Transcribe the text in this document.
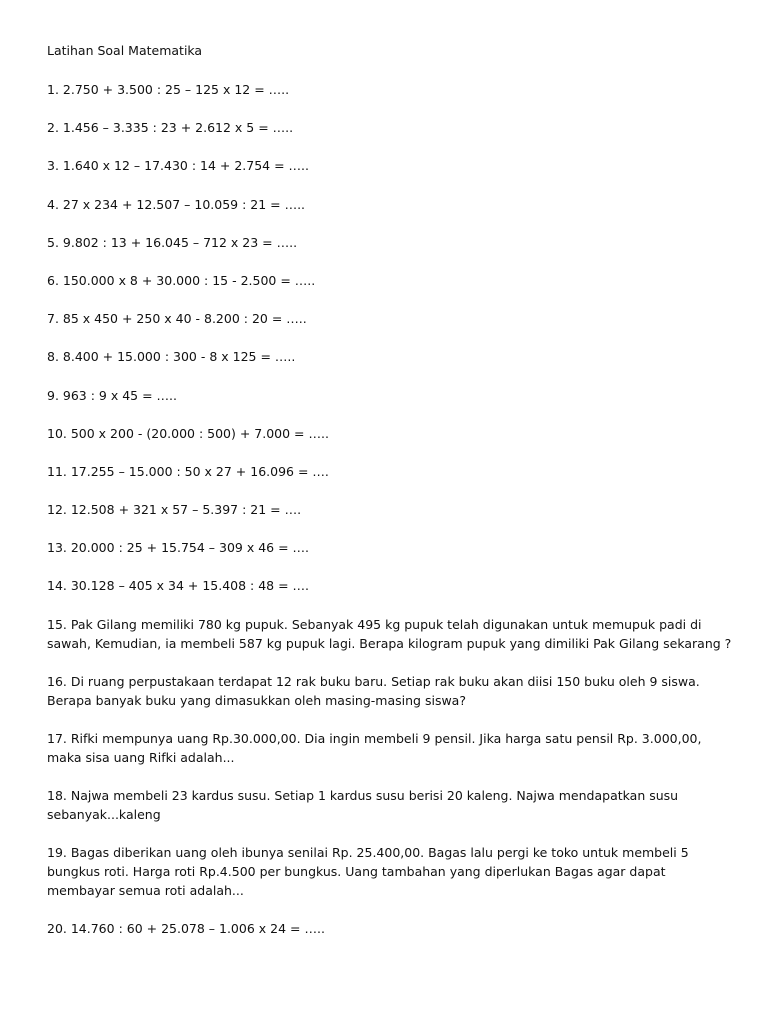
Latihan Soal Matematika
1. 2.750 + 3.500 : 25 – 125 x 12 = …..
2. 1.456 – 3.335 : 23 + 2.612 x 5 = …..
3. 1.640 x 12 – 17.430 : 14 + 2.754 = …..
4. 27 x 234 + 12.507 – 10.059 : 21 = …..
5. 9.802 : 13 + 16.045 – 712 x 23 = …..
6. 150.000 x 8 + 30.000 : 15 - 2.500 = …..
7. 85 x 450 + 250 x 40 - 8.200 : 20 = …..
8. 8.400 + 15.000 : 300 - 8 x 125 = …..
9. 963 : 9 x 45 = …..
10. 500 x 200 - (20.000 : 500) + 7.000 = …..
11. 17.255 – 15.000 : 50 x 27 + 16.096 = ….
12. 12.508 + 321 x 57 – 5.397 : 21 = ….
13. 20.000 : 25 + 15.754 – 309 x 46 = ….
14. 30.128 – 405 x 34 + 15.408 : 48 = ….
15. Pak Gilang memiliki 780 kg pupuk. Sebanyak 495 kg pupuk telah digunakan untuk memupuk padi di sawah, Kemudian, ia membeli 587 kg pupuk lagi. Berapa kilogram pupuk yang dimiliki Pak Gilang sekarang ?
16. Di ruang perpustakaan terdapat 12 rak buku baru. Setiap rak buku akan diisi 150 buku oleh 9 siswa. Berapa banyak buku yang dimasukkan oleh masing-masing siswa?
17. Rifki mempunya uang Rp.30.000,00. Dia ingin membeli 9 pensil. Jika harga satu pensil Rp. 3.000,00, maka sisa uang Rifki adalah...
18. Najwa membeli 23 kardus susu. Setiap 1 kardus susu berisi 20 kaleng. Najwa mendapatkan susu sebanyak...kaleng
19. Bagas diberikan uang oleh ibunya senilai Rp. 25.400,00. Bagas lalu pergi ke toko untuk membeli 5 bungkus roti. Harga roti Rp.4.500 per bungkus. Uang tambahan yang diperlukan Bagas agar dapat membayar semua roti adalah...
20. 14.760 : 60 + 25.078 – 1.006 x 24 = …..
